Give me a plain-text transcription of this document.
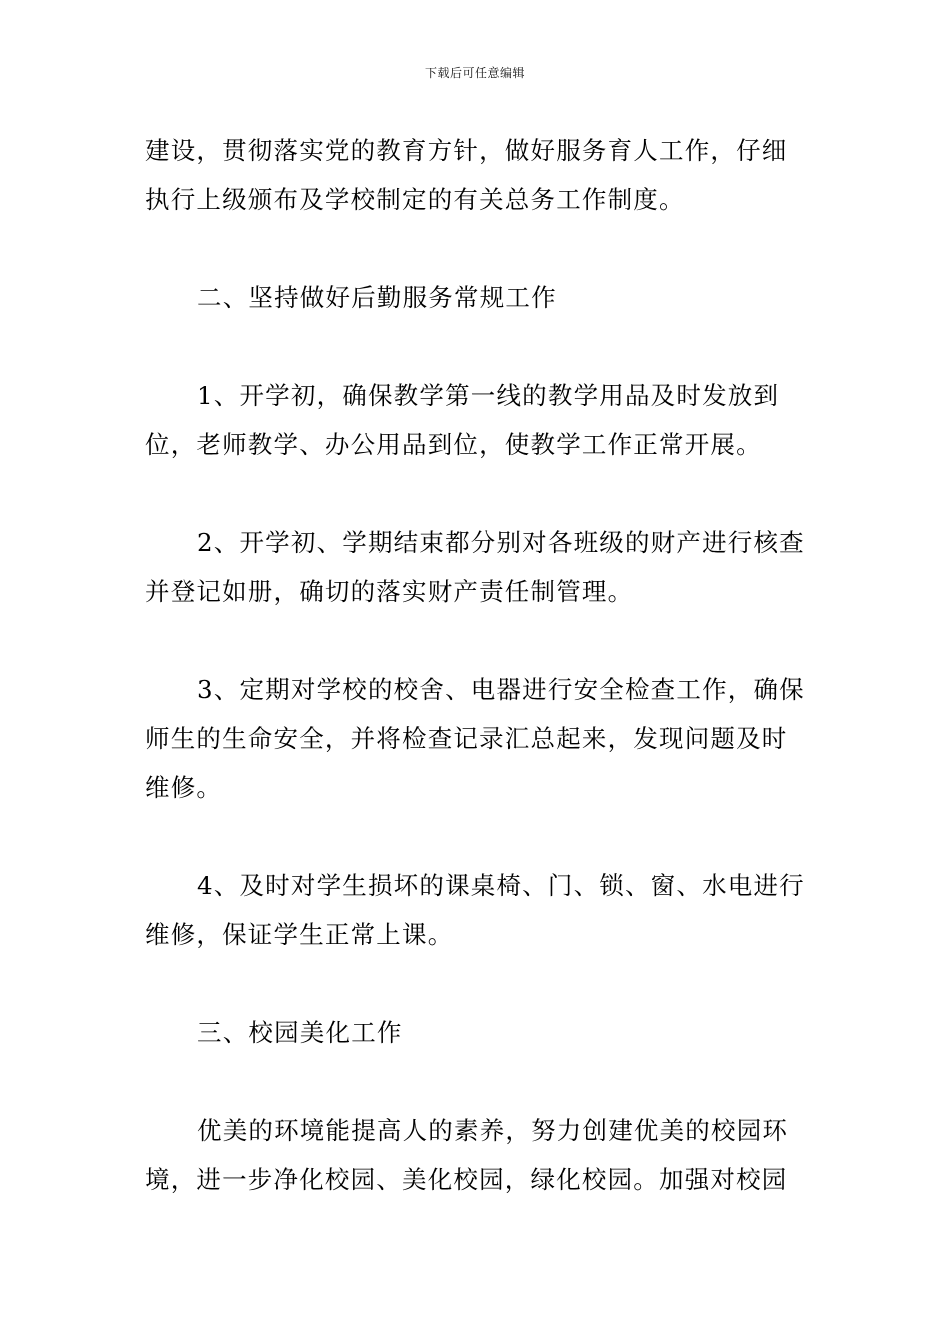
下载后可任意编辑

建设，贯彻落实党的教育方针，做好服务育人工作，仔细执行上级颁布及学校制定的有关总务工作制度。

二、坚持做好后勤服务常规工作

1、开学初，确保教学第一线的教学用品及时发放到位，老师教学、办公用品到位，使教学工作正常开展。

2、开学初、学期结束都分别对各班级的财产进行核查并登记如册，确切的落实财产责任制管理。

3、定期对学校的校舍、电器进行安全检查工作，确保师生的生命安全，并将检查记录汇总起来，发现问题及时维修。

4、及时对学生损坏的课桌椅、门、锁、窗、水电进行维修，保证学生正常上课。

三、校园美化工作

优美的环境能提高人的素养，努力创建优美的校园环境，进一步净化校园、美化校园，绿化校园。加强对校园
